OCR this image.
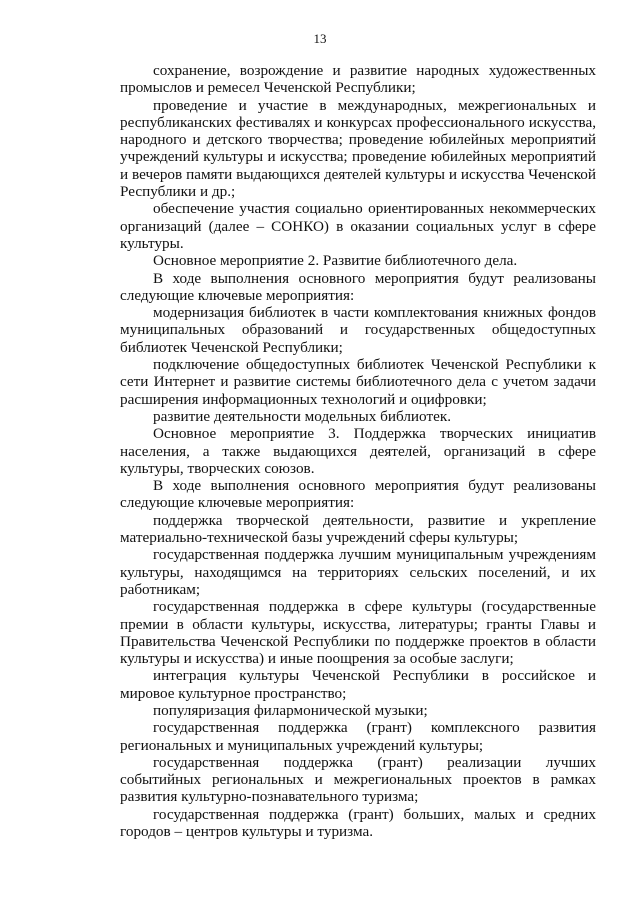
13

сохранение, возрождение и развитие народных художественных промыслов и ремесел Чеченской Республики;

проведение и участие в международных, межрегиональных и республиканских фестивалях и конкурсах профессионального искусства, народного и детского творчества; проведение юбилейных мероприятий учреждений культуры и искусства; проведение юбилейных мероприятий и вечеров памяти выдающихся деятелей культуры и искусства Чеченской Республики и др.;

обеспечение участия социально ориентированных некоммерческих организаций (далее – СОНКО) в оказании социальных услуг в сфере культуры.

Основное мероприятие 2. Развитие библиотечного дела.

В ходе выполнения основного мероприятия будут реализованы следующие ключевые мероприятия:

модернизация библиотек в части комплектования книжных фондов муниципальных образований и государственных общедоступных библиотек Чеченской Республики;

подключение общедоступных библиотек Чеченской Республики к сети Интернет и развитие системы библиотечного дела с учетом задачи расширения информационных технологий и оцифровки;

развитие деятельности модельных библиотек.

Основное мероприятие 3. Поддержка творческих инициатив населения, а также выдающихся деятелей, организаций в сфере культуры, творческих союзов.

В ходе выполнения основного мероприятия будут реализованы следующие ключевые мероприятия:

поддержка творческой деятельности, развитие и укрепление материально-технической базы учреждений сферы культуры;

государственная поддержка лучшим муниципальным учреждениям культуры, находящимся на территориях сельских поселений, и их работникам;

государственная поддержка в сфере культуры (государственные премии в области культуры, искусства, литературы; гранты Главы и Правительства Чеченской Республики по поддержке проектов в области культуры и искусства) и иные поощрения за особые заслуги;

интеграция культуры Чеченской Республики в российское и мировое культурное пространство;

популяризация филармонической музыки;

государственная поддержка (грант) комплексного развития региональных и муниципальных учреждений культуры;

государственная поддержка (грант) реализации лучших событийных региональных и межрегиональных проектов в рамках развития культурно-познавательного туризма;

государственная поддержка (грант) больших, малых и средних городов – центров культуры и туризма.
